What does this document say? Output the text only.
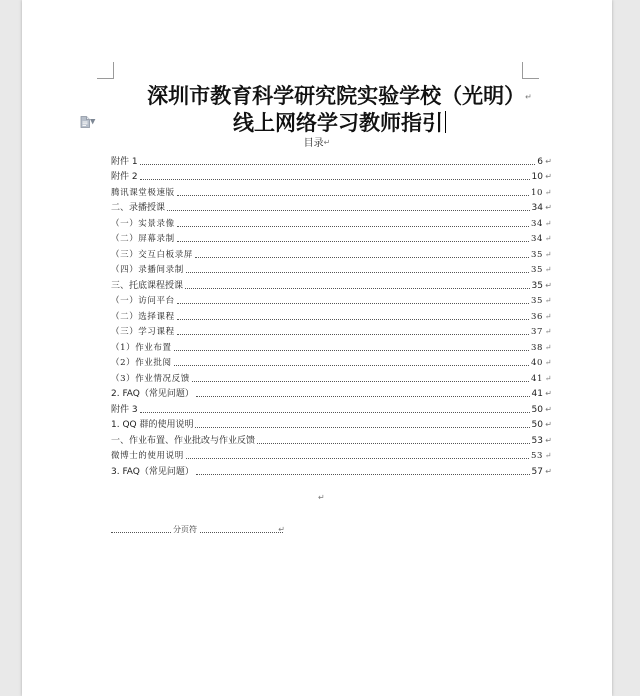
▼
深圳市教育科学研究院实验学校（光明）↵
线上网络学习教师指引
目录↵
附件 1	6 ↵
附件 2	10 ↵
腾讯课堂极速版	10 ↵
二、录播授课	34 ↵
（一）实景录像	34 ↵
（二）屏幕录制	34 ↵
（三）交互白板录屏	35 ↵
（四）录播间录制	35 ↵
三、托底课程授课	35 ↵
（一）访问平台	35 ↵
（二）选择课程	36 ↵
（三）学习课程	37 ↵
（1）作业布置	38 ↵
（2）作业批阅	40 ↵
（3）作业情况反馈	41 ↵
2. FAQ（常见问题）	41 ↵
附件 3	50 ↵
1. QQ 群的使用说明	50 ↵
一、作业布置、作业批改与作业反馈	53 ↵
微博士的使用说明	53 ↵
3. FAQ（常见问题）	57 ↵
↵
分页符	↵
